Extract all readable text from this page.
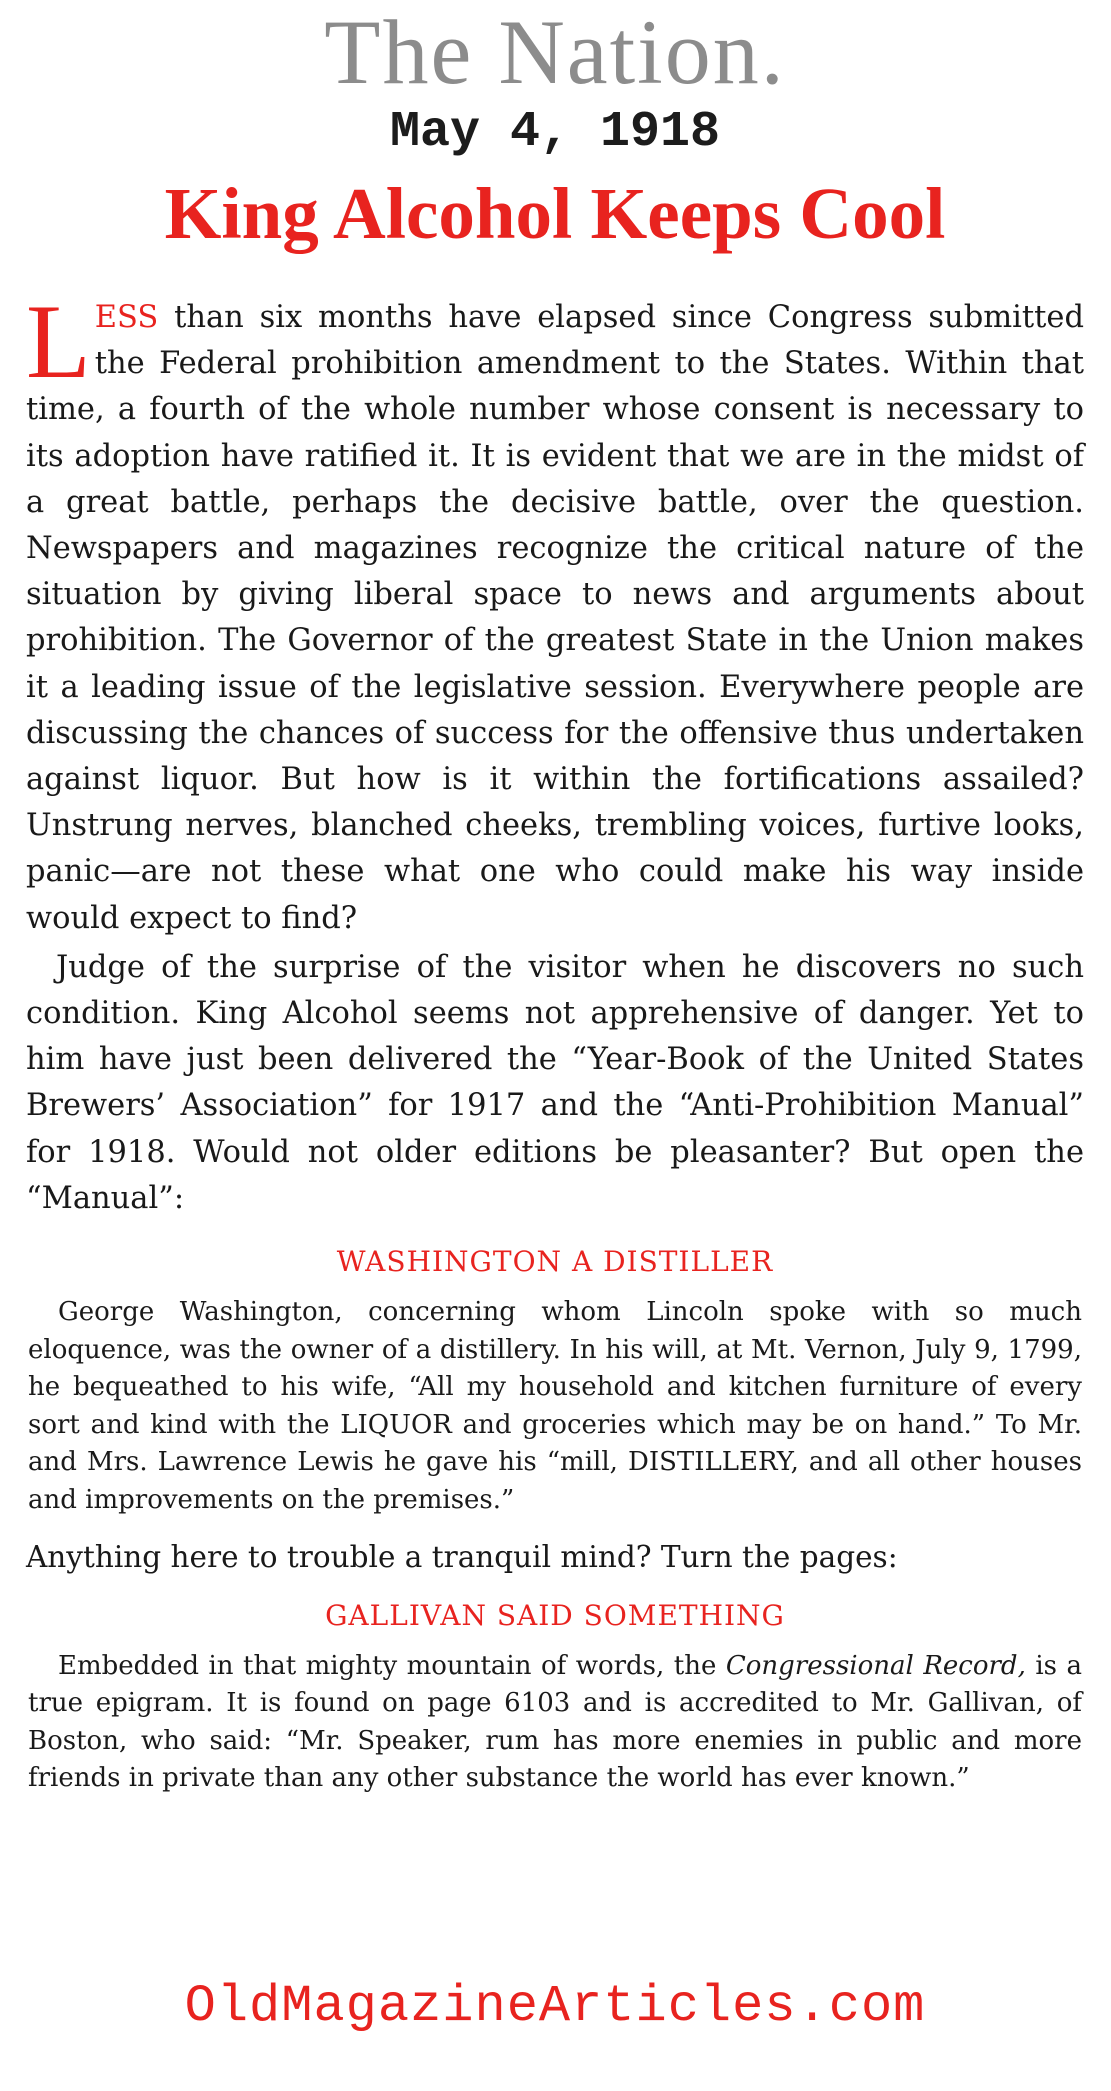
The Nation.
May 4, 1918
King Alcohol Keeps Cool

LESS than six months have elapsed since Congress submitted the Federal prohibition amendment to the States. Within that time, a fourth of the whole number whose consent is necessary to its adoption have ratified it. It is evident that we are in the midst of a great battle, perhaps the decisive battle, over the question. Newspapers and magazines recognize the critical nature of the situation by giving liberal space to news and arguments about prohibition. The Governor of the greatest State in the Union makes it a leading issue of the legislative session. Everywhere people are discussing the chances of success for the offensive thus undertaken against liquor. But how is it within the fortifications assailed? Unstrung nerves, blanched cheeks, trembling voices, furtive looks, panic—are not these what one who could make his way inside would expect to find?

Judge of the surprise of the visitor when he discovers no such condition. King Alcohol seems not apprehensive of danger. Yet to him have just been delivered the “Year-Book of the United States Brewers’ Association” for 1917 and the “Anti-Prohibition Manual” for 1918. Would not older editions be pleasanter? But open the “Manual”:

WASHINGTON A DISTILLER

George Washington, concerning whom Lincoln spoke with so much eloquence, was the owner of a distillery. In his will, at Mt. Vernon, July 9, 1799, he bequeathed to his wife, “All my household and kitchen furniture of every sort and kind with the LIQUOR and groceries which may be on hand.” To Mr. and Mrs. Lawrence Lewis he gave his “mill, DISTILLERY, and all other houses and improvements on the premises.”

Anything here to trouble a tranquil mind? Turn the pages:

GALLIVAN SAID SOMETHING

Embedded in that mighty mountain of words, the Congressional Record, is a true epigram. It is found on page 6103 and is accredited to Mr. Gallivan, of Boston, who said: “Mr. Speaker, rum has more enemies in public and more friends in private than any other substance the world has ever known.”

OldMagazineArticles.com
